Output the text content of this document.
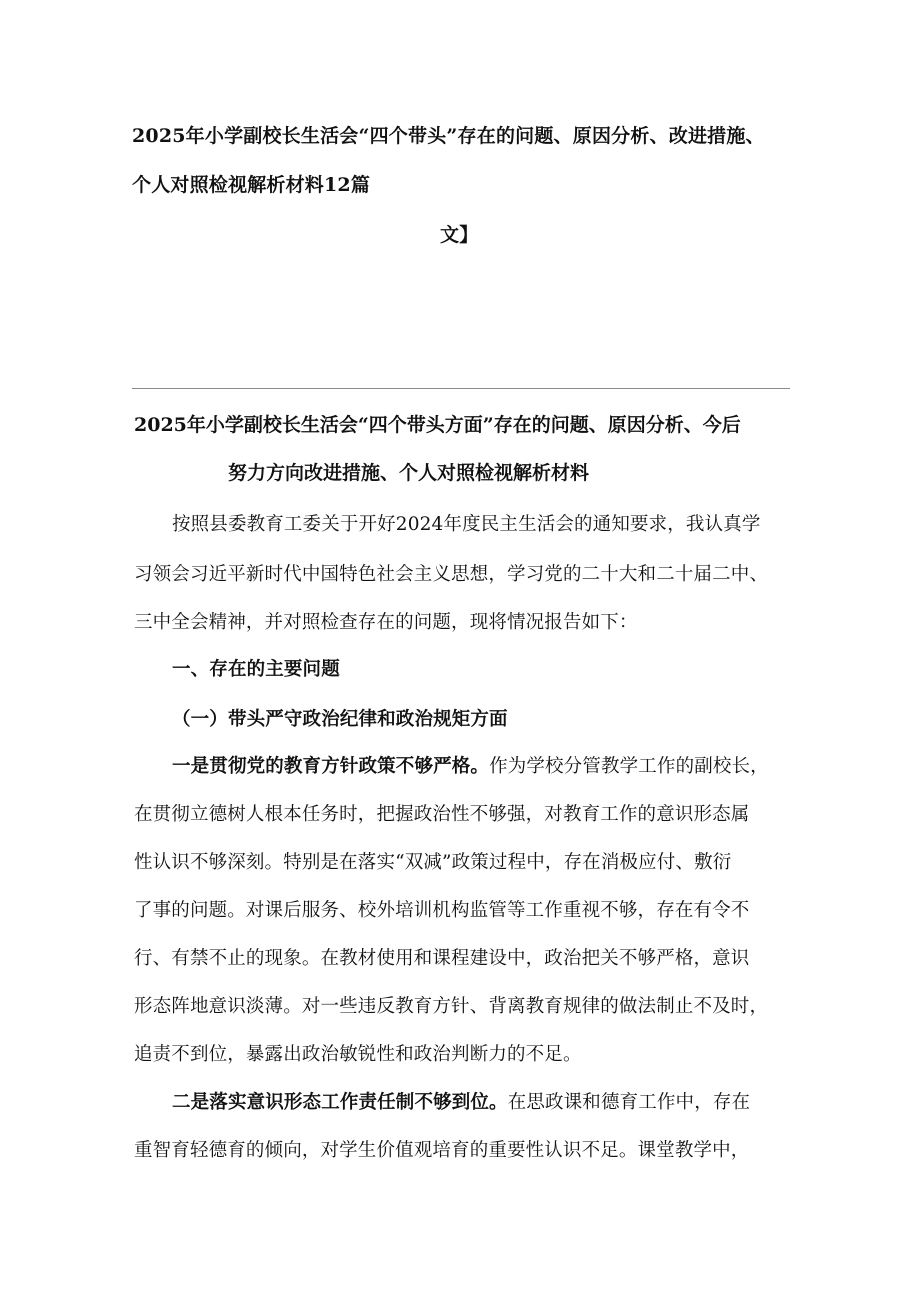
2025年小学副校长生活会“四个带头”存在的问题、原因分析、改进措施、
个人对照检视解析材料12篇
文】
2025年小学副校长生活会“四个带头方面”存在的问题、原因分析、今后
努力方向改进措施、个人对照检视解析材料
按照县委教育工委关于开好2024年度民主生活会的通知要求，我认真学
习领会习近平新时代中国特色社会主义思想，学习党的二十大和二十届二中、
三中全会精神，并对照检查存在的问题，现将情况报告如下：
一、存在的主要问题
（一）带头严守政治纪律和政治规矩方面
一是贯彻党的教育方针政策不够严格。作为学校分管教学工作的副校长，
在贯彻立德树人根本任务时，把握政治性不够强，对教育工作的意识形态属
性认识不够深刻。特别是在落实“双减”政策过程中，存在消极应付、敷衍
了事的问题。对课后服务、校外培训机构监管等工作重视不够，存在有令不
行、有禁不止的现象。在教材使用和课程建设中，政治把关不够严格，意识
形态阵地意识淡薄。对一些违反教育方针、背离教育规律的做法制止不及时，
追责不到位，暴露出政治敏锐性和政治判断力的不足。
二是落实意识形态工作责任制不够到位。在思政课和德育工作中，存在
重智育轻德育的倾向，对学生价值观培育的重要性认识不足。课堂教学中，
